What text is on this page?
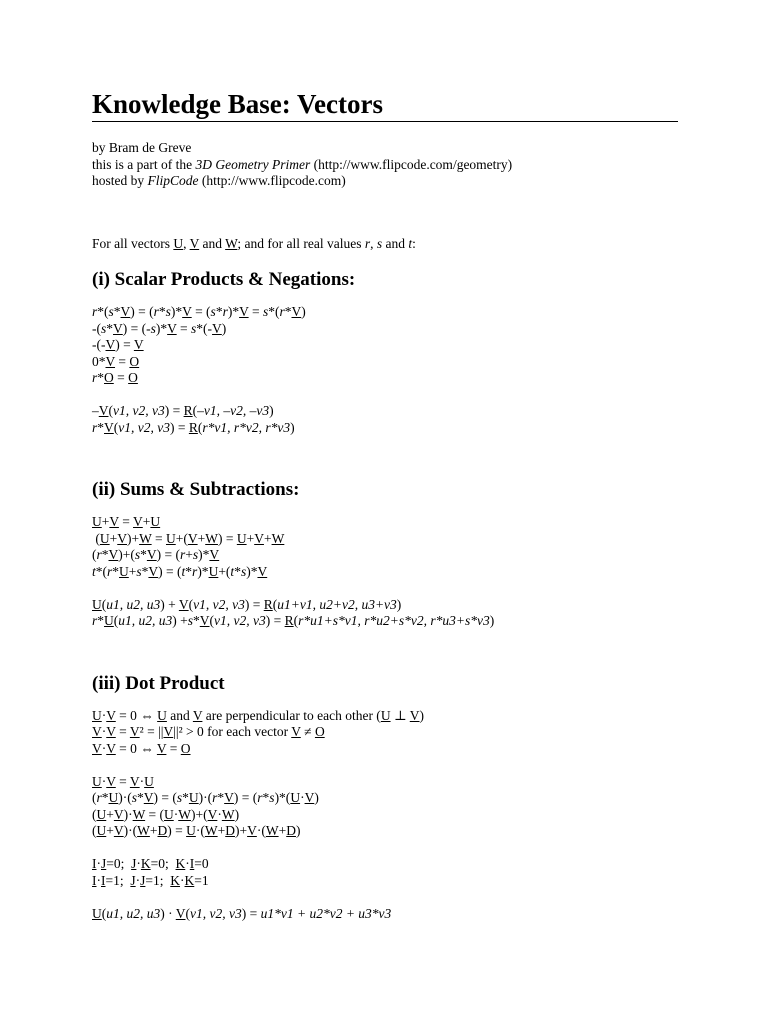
Knowledge Base: Vectors
by Bram de Greve
this is a part of the 3D Geometry Primer (http://www.flipcode.com/geometry)
hosted by FlipCode (http://www.flipcode.com)
For all vectors U, V and W; and for all real values r, s and t:
(i) Scalar Products & Negations:
r*(s*V) = (r*s)*V = (s*r)*V = s*(r*V)
-(s*V) = (-s)*V = s*(-V)
-(-V) = V
0*V = O
r*O = O
–V(v1, v2, v3) = R(–v1, –v2, –v3)
r*V(v1, v2, v3) = R(r*v1, r*v2, r*v3)
(ii) Sums & Subtractions:
U+V = V+U
(U+V)+W = U+(V+W) = U+V+W
(r*V)+(s*V) = (r+s)*V
t*(r*U+s*V) = (t*r)*U+(t*s)*V
U(u1, u2, u3) + V(v1, v2, v3) = R(u1+v1, u2+v2, u3+v3)
r*U(u1, u2, u3) +s*V(v1, v2, v3) = R(r*u1+s*v1, r*u2+s*v2, r*u3+s*v3)
(iii) Dot Product
U·V = 0 ⇔ U and V are perpendicular to each other (U ⊥ V)
V·V = V² = ||V||² > 0 for each vector V ≠ O
V·V = 0 ⇔ V = O
U·V = V·U
(r*U)·(s*V) = (s*U)·(r*V) = (r*s)*(U·V)
(U+V)·W = (U·W)+(V·W)
(U+V)·(W+D) = U·(W+D)+V·(W+D)
I·J=0;  J·K=0;  K·I=0
I·I=1;  J·J=1;  K·K=1
U(u1, u2, u3) · V(v1, v2, v3) = u1*v1 + u2*v2 + u3*v3
